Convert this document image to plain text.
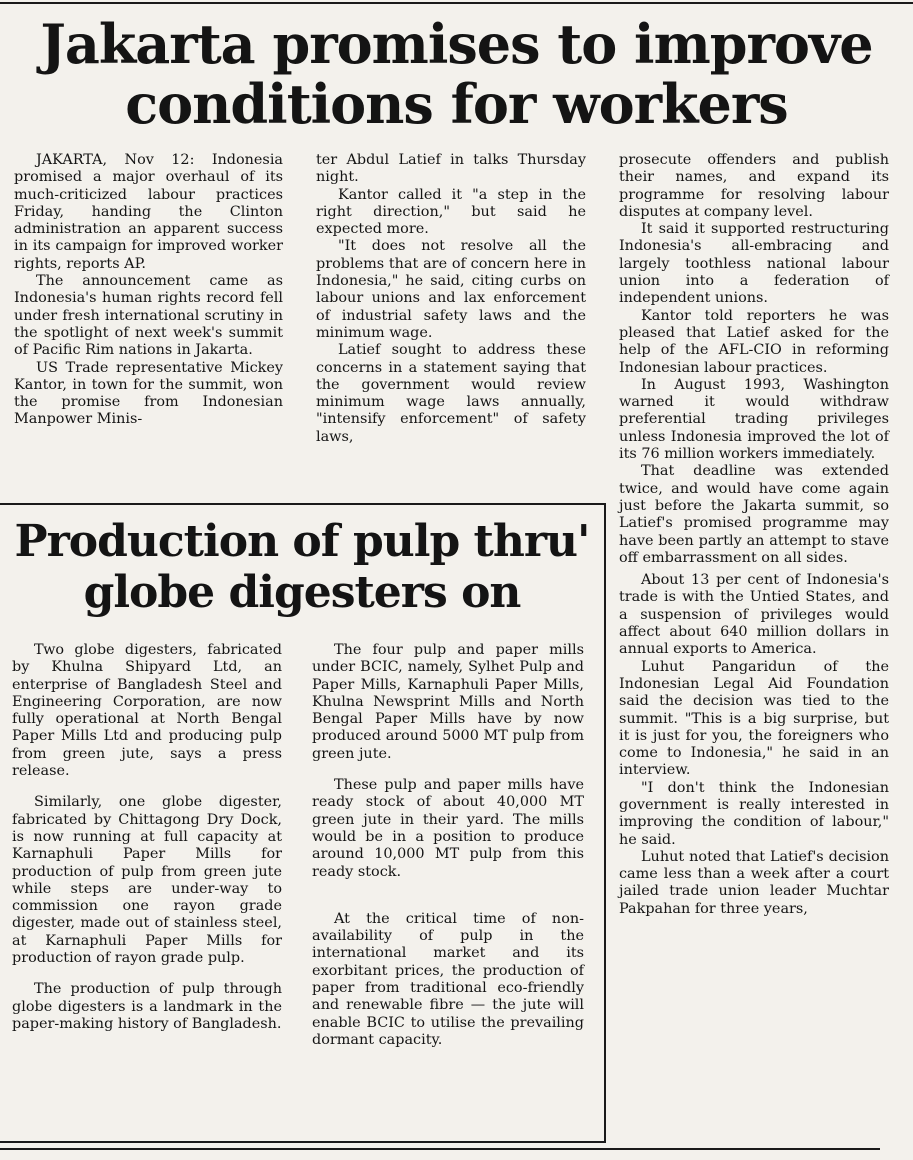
Jakarta promises to improve
conditions for workers

JAKARTA, Nov 12: Indonesia promised a major overhaul of its much-criticized labour practices Friday, handing the Clinton administration an apparent success in its campaign for improved worker rights, reports AP.

The announcement came as Indonesia's human rights record fell under fresh international scrutiny in the spotlight of next week's summit of Pacific Rim nations in Jakarta.

US Trade representative Mickey Kantor, in town for the summit, won the promise from Indonesian Manpower Minis-

ter Abdul Latief in talks Thursday night.

Kantor called it "a step in the right direction," but said he expected more.

"It does not resolve all the problems that are of concern here in Indonesia," he said, citing curbs on labour unions and lax enforcement of industrial safety laws and the minimum wage.

Latief sought to address these concerns in a statement saying that the government would review minimum wage laws annually, "intensify enforcement" of safety laws,

prosecute offenders and publish their names, and expand its programme for resolving labour disputes at company level.

It said it supported restructuring Indonesia's all-embracing and largely toothless national labour union into a federation of independent unions.

Kantor told reporters he was pleased that Latief asked for the help of the AFL-CIO in reforming Indonesian labour practices.

In August 1993, Washington warned it would withdraw preferential trading privileges unless Indonesia improved the lot of its 76 million workers immediately.

That deadline was extended twice, and would have come again just before the Jakarta summit, so Latief's promised programme may have been partly an attempt to stave off embarrassment on all sides.

About 13 per cent of Indonesia's trade is with the Untied States, and a suspension of privileges would affect about 640 million dollars in annual exports to America.

Luhut Pangaridun of the Indonesian Legal Aid Foundation said the decision was tied to the summit. "This is a big surprise, but it is just for you, the foreigners who come to Indonesia," he said in an interview.

"I don't think the Indonesian government is really interested in improving the condition of labour," he said.

Luhut noted that Latief's decision came less than a week after a court jailed trade union leader Muchtar Pakpahan for three years,

Production of pulp thru'
globe digesters on

Two globe digesters, fabricated by Khulna Shipyard Ltd, an enterprise of Bangladesh Steel and Engineering Corporation, are now fully operational at North Bengal Paper Mills Ltd and producing pulp from green jute, says a press release.

Similarly, one globe digester, fabricated by Chittagong Dry Dock, is now running at full capacity at Karnaphuli Paper Mills for production of pulp from green jute while steps are under-way to commission one rayon grade digester, made out of stainless steel, at Karnaphuli Paper Mills for production of rayon grade pulp.

The production of pulp through globe digesters is a landmark in the paper-making history of Bangladesh.

The four pulp and paper mills under BCIC, namely, Sylhet Pulp and Paper Mills, Karnaphuli Paper Mills, Khulna Newsprint Mills and North Bengal Paper Mills have by now produced around 5000 MT pulp from green jute.

These pulp and paper mills have ready stock of about 40,000 MT green jute in their yard. The mills would be in a position to produce around 10,000 MT pulp from this ready stock.

At the critical time of non-availability of pulp in the international market and its exorbitant prices, the production of paper from traditional eco-friendly and renewable fibre — the jute will enable BCIC to utilise the prevailing dormant capacity.
